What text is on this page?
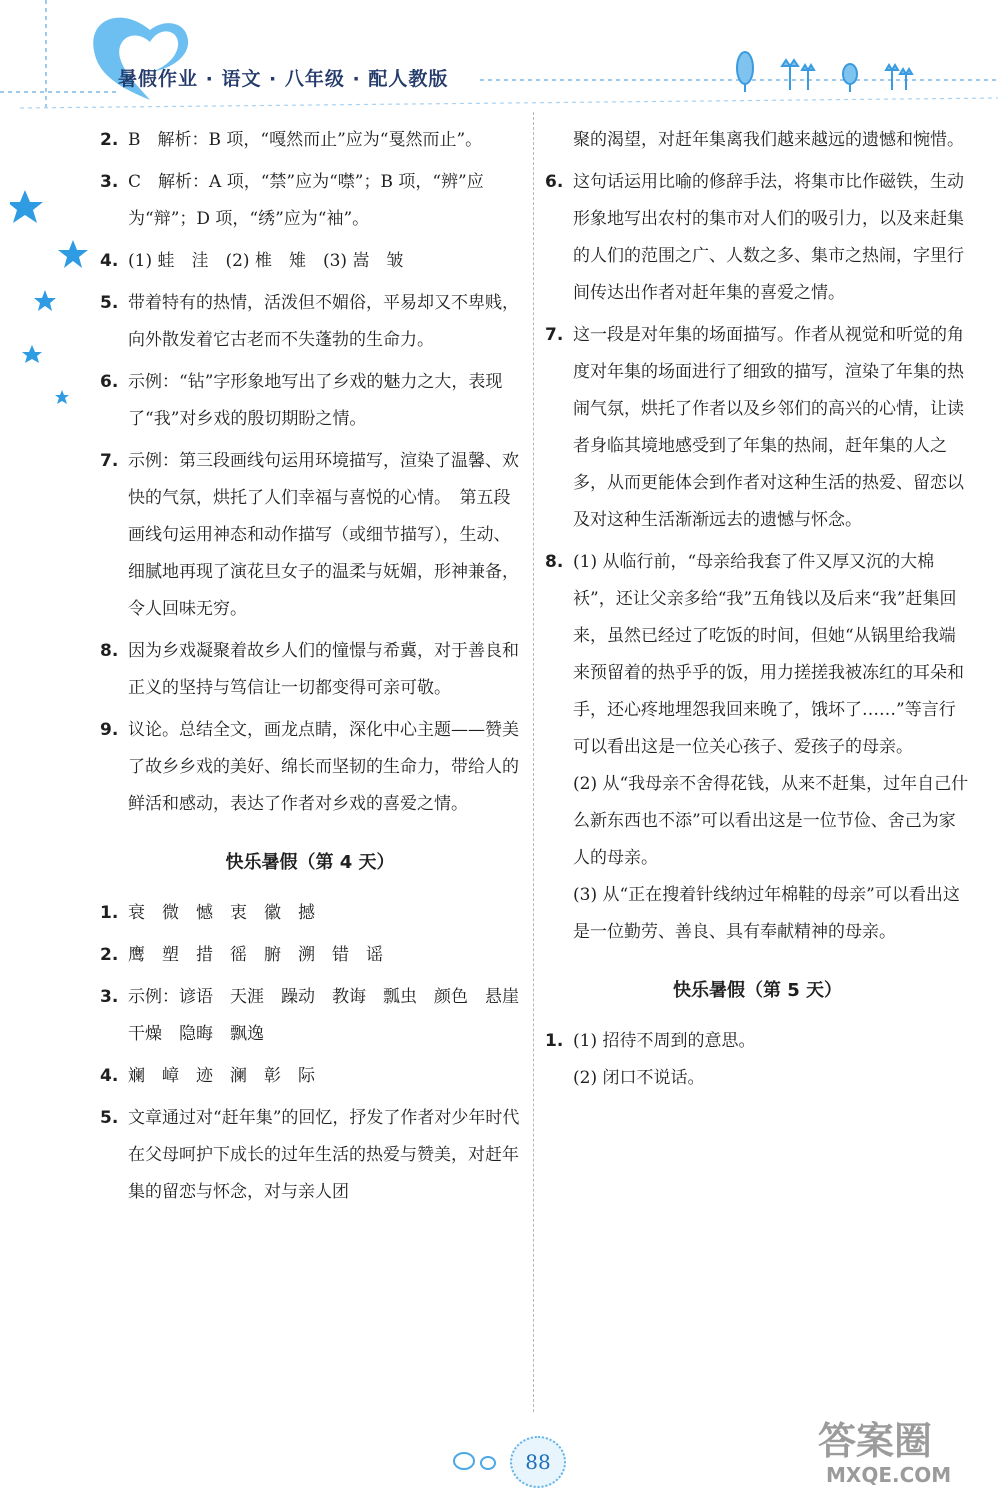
暑假作业 · 语文 · 八年级 · 配人教版
2. B　解析：B 项，“嘎然而止”应为“戛然而止”。
3. C　解析：A 项，“禁”应为“噤”；B 项，“辨”应为“辩”；D 项，“绣”应为“袖”。
4. (1) 蛙　洼　(2) 椎　雉　(3) 嵩　皱
5. 带着特有的热情，活泼但不媚俗，平易却又不卑贱，向外散发着它古老而不失蓬勃的生命力。
6. 示例：“钻”字形象地写出了乡戏的魅力之大，表现了“我”对乡戏的殷切期盼之情。
7. 示例：第三段画线句运用环境描写，渲染了温馨、欢快的气氛，烘托了人们幸福与喜悦的心情。　第五段画线句运用神态和动作描写（或细节描写），生动、细腻地再现了演花旦女子的温柔与妩媚，形神兼备，令人回味无穷。
8. 因为乡戏凝聚着故乡人们的憧憬与希冀，对于善良和正义的坚持与笃信让一切都变得可亲可敬。
9. 议论。总结全文，画龙点睛，深化中心主题——赞美了故乡乡戏的美好、绵长而坚韧的生命力，带给人的鲜活和感动，表达了作者对乡戏的喜爱之情。
快乐暑假（第 4 天）
1. 衰　微　憾　衷　徽　撼
2. 鹰　塑　措　徭　腑　溯　错　谣
3. 示例：谚语　天涯　躁动　教诲　瓢虫　颜色　悬崖　干燥　隐晦　飘逸
4. 斓　嶂　迹　澜　彰　际
5. 文章通过对“赶年集”的回忆，抒发了作者对少年时代在父母呵护下成长的过年生活的热爱与赞美，对赶年集的留恋与怀念，对与亲人团
聚的渴望，对赶年集离我们越来越远的遗憾和惋惜。
6. 这句话运用比喻的修辞手法，将集市比作磁铁，生动形象地写出农村的集市对人们的吸引力，以及来赶集的人们的范围之广、人数之多、集市之热闹，字里行间传达出作者对赶年集的喜爱之情。
7. 这一段是对年集的场面描写。作者从视觉和听觉的角度对年集的场面进行了细致的描写，渲染了年集的热闹气氛，烘托了作者以及乡邻们的高兴的心情，让读者身临其境地感受到了年集的热闹，赶年集的人之多，从而更能体会到作者对这种生活的热爱、留恋以及对这种生活渐渐远去的遗憾与怀念。
8. (1) 从临行前，“母亲给我套了件又厚又沉的大棉袄”，还让父亲多给“我”五角钱以及后来“我”赶集回来，虽然已经过了吃饭的时间，但她“从锅里给我端来预留着的热乎乎的饭，用力搓搓我被冻红的耳朵和手，还心疼地埋怨我回来晚了，饿坏了……”等言行可以看出这是一位关心孩子、爱孩子的母亲。
(2) 从“我母亲不舍得花钱，从来不赶集，过年自己什么新东西也不添”可以看出这是一位节俭、舍己为家人的母亲。
(3) 从“正在搜着针线纳过年棉鞋的母亲”可以看出这是一位勤劳、善良、具有奉献精神的母亲。
快乐暑假（第 5 天）
1. (1) 招待不周到的意思。
(2) 闭口不说话。
88	答案圈
MXQE.COM
